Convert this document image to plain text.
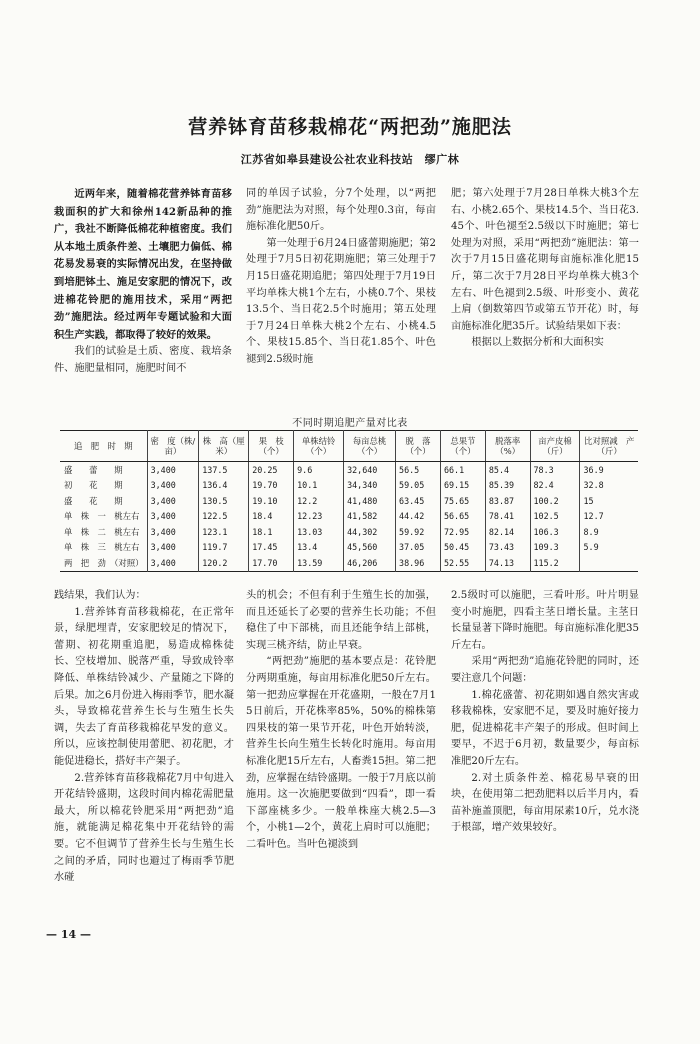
营养钵育苗移栽棉花“两把劲”施肥法
江苏省如皋县建设公社农业科技站　缪广林

近两年来，随着棉花营养钵育苗移栽面积的扩大和徐州142新品种的推广，我社不断降低棉花种植密度。我们从本地土质条件差、土壤肥力偏低、棉花易发易衰的实际情况出发，在坚持做到培肥钵土、施足安家肥的情况下，改进棉花铃肥的施用技术，采用“两把劲”施肥法。经过两年专题试验和大面积生产实践，都取得了较好的效果。

我们的试验是土质、密度、栽培条件、施肥量相同，施肥时间不

同的单因子试验，分7个处理，以“两把劲”施肥法为对照，每个处理0.3亩，每亩施标准化肥50斤。

第一处理于6月24日盛蕾期施肥；第2处理于7月5日初花期施肥；第三处理于7月15日盛花期追肥；第四处理于7月19日平均单株大桃1个左右，小桃0.7个、果枝13.5个、当日花2.5个时施用；第五处理于7月24日单株大桃2个左右、小桃4.5个、果枝15.85个、当日花1.85个、叶色褪到2.5级时施

肥；第六处理于7月28日单株大桃3个左右、小桃2.65个、果枝14.5个、当日花3.45个、叶色褪至2.5级以下时施肥；第七处理为对照，采用“两把劲”施肥法：第一次于7月15日盛花期每亩施标准化肥15斤，第二次于7月28日平均单株大桃3个左右、叶色褪到2.5级、叶形变小、黄花上肩（倒数第四节或第五节开花）时，每亩施标准化肥35斤。试验结果如下表：

根据以上数据分析和大面积实

不同时期追肥产量对比表
追　肥　时　期	密　度（株/亩）	株　高（厘米）	果　枝（个）	单株结铃（个）	每亩总桃（个）	脱　落（个）	总果节（个）	脱落率（%）	亩产皮棉（斤）	比对照减　产（斤）
盛　　蕾　　期	3,400	137.5	20.25	9.6	32,640	56.5	66.1	85.4	78.3	36.9
初　　花　　期	3,400	136.4	19.70	10.1	34,340	59.05	69.15	85.39	82.4	32.8
盛　　花　　期	3,400	130.5	19.10	12.2	41,480	63.45	75.65	83.87	100.2	15
单　株　一　桃左右	3,400	122.5	18.4	12.23	41,582	44.42	56.65	78.41	102.5	12.7
单　株　二　桃左右	3,400	123.1	18.1	13.03	44,302	59.92	72.95	82.14	106.3	8.9
单　株　三　桃左右	3,400	119.7	17.45	13.4	45,560	37.05	50.45	73.43	109.3	5.9
两　把　劲　（对照）	3,400	120.2	17.70	13.59	46,206	38.96	52.55	74.13	115.2	

践结果，我们认为：

1.营养钵育苗移栽棉花，在正常年景，绿肥埋青，安家肥较足的情况下，蕾期、初花期重追肥，易造成棉株徒长、空枝增加、脱落严重，导致成铃率降低、单株结铃减少、产量随之下降的后果。加之6月份进入梅雨季节，肥水凝头，导致棉花营养生长与生殖生长失调，失去了育苗移栽棉花早发的意义。所以，应该控制使用蕾肥、初花肥，才能促进稳长，搭好丰产架子。

2.营养钵育苗移栽棉花7月中旬进入开花结铃盛期，这段时间内棉花需肥量最大，所以棉花铃肥采用“两把劲”追施，就能满足棉花集中开花结铃的需要。它不但调节了营养生长与生殖生长之间的矛盾，同时也避过了梅雨季节肥水碰

头的机会；不但有利于生殖生长的加强，而且还延长了必要的营养生长功能；不但稳住了中下部桃，而且还能争结上部桃，实现三桃齐结，防止早衰。

“两把劲”施肥的基本要点是：花铃肥分两期重施，每亩用标准化肥50斤左右。第一把劲应掌握在开花盛期，一般在7月15日前后，开花株率85%，50%的棉株第四果枝的第一果节开花，叶色开始转淡，营养生长向生殖生长转化时施用。每亩用标准化肥15斤左右，人畜粪15担。第二把劲，应掌握在结铃盛期。一般于7月底以前施用。这一次施肥要做到“四看”，即一看下部座桃多少。一般单株座大桃2.5—3个，小桃1—2个，黄花上肩时可以施肥；二看叶色。当叶色褪淡到

2.5级时可以施肥，三看叶形。叶片明显变小时施肥，四看主茎日增长量。主茎日长量显著下降时施肥。每亩施标准化肥35斤左右。

采用“两把劲”追施花铃肥的同时，还要注意几个问题：

1.棉花盛蕾、初花期如遇自然灾害或移栽棉株，安家肥不足，要及时施好接力肥，促进棉花丰产架子的形成。但时间上要早，不迟于6月初，数量要少，每亩标准肥20斤左右。

2.对土质条件差、棉花易早衰的田块，在使用第二把劲肥料以后半月内，看苗补施盖顶肥，每亩用尿素10斤，兑水浇于根部，增产效果较好。

— 14 —
